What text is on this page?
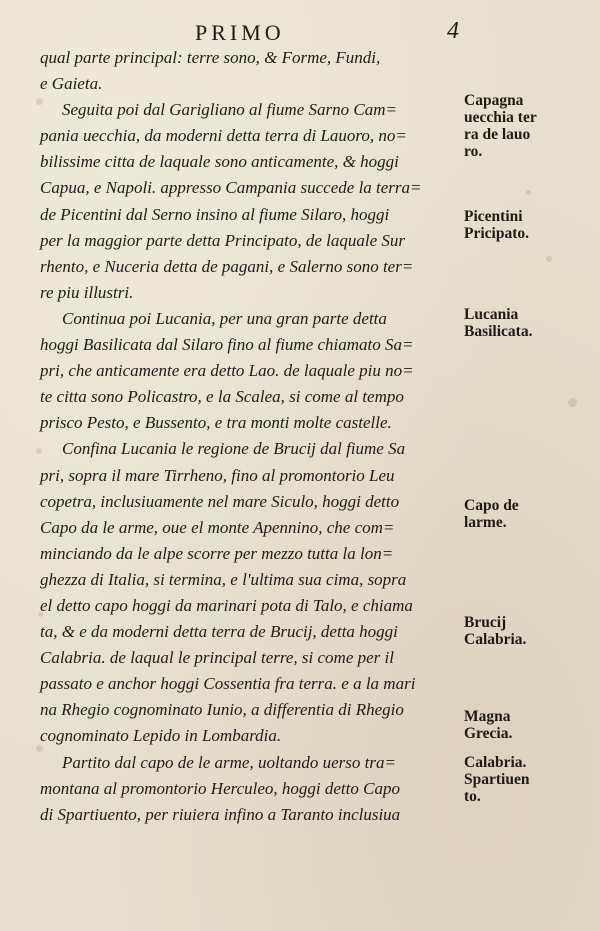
PRIMO	4
qual parte principal: terre sono, & Forme, Fundi,
e Gaieta.
Seguita poi dal Garigliano al fiume Sarno Cam=
pania uecchia, da moderni detta terra di Lauoro, no=
bilissime citta de laquale sono anticamente, & hoggi
Capua, e Napoli. appresso Campania succede la terra=
de Picentini dal Serno insino al fiume Silaro, hoggi
per la maggior parte detta Principato, de laquale Sur
rhento, e Nuceria detta de pagani, e Salerno sono ter=
re piu illustri.
Continua poi Lucania, per una gran parte detta
hoggi Basilicata dal Silaro fino al fiume chiamato Sa=
pri, che anticamente era detto Lao. de laquale piu no=
te citta sono Policastro, e la Scalea, si come al tempo
prisco Pesto, e Bussento, e tra monti molte castelle.
Confina Lucania le regione de Brucij dal fiume Sa
pri, sopra il mare Tirrheno, fino al promontorio Leu
copetra, inclusiuamente nel mare Siculo, hoggi detto
Capo da le arme, oue el monte Apennino, che com=
minciando da le alpe scorre per mezzo tutta la lon=
ghezza di Italia, si termina, e l'ultima sua cima, sopra
el detto capo hoggi da marinari pota di Talo, e chiama
ta, & e da moderni detta terra de Brucij, detta hoggi
Calabria. de laqual le principal terre, si come per il
passato e anchor hoggi Cossentia fra terra. e a la mari
na Rhegio cognominato Iunio, a differentia di Rhegio
cognominato Lepido in Lombardia.
Partito dal capo de le arme, uoltando uerso tra=
montana al promontorio Herculeo, hoggi detto Capo
di Spartiuento, per riuiera infino a Taranto inclusiua
Capagna
uecchia ter
ra de lauo
ro.
Picentini
Pricipato.
Lucania
Basilicata.
Capo de
larme.
Brucij
Calabria.
Magna
Grecia.
Calabria.
Spartiuen
to.
